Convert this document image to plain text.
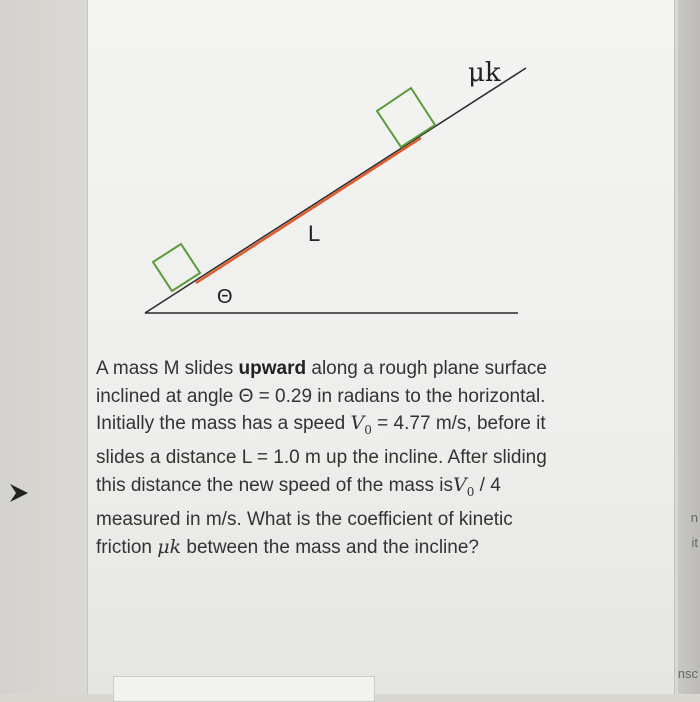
n
it
nsc
μk
L
Θ
A mass M slides upward along a rough plane surface inclined at angle Θ = 0.29 in radians to the horizontal. Initially the mass has a speed $V_0 = 4.77$ m/s, before it slides a distance L = 1.0 m up the incline. After sliding this distance the new speed of the mass isV$_0$ / 4 measured in m/s. What is the coefficient of kinetic friction μk between the mass and the incline?
